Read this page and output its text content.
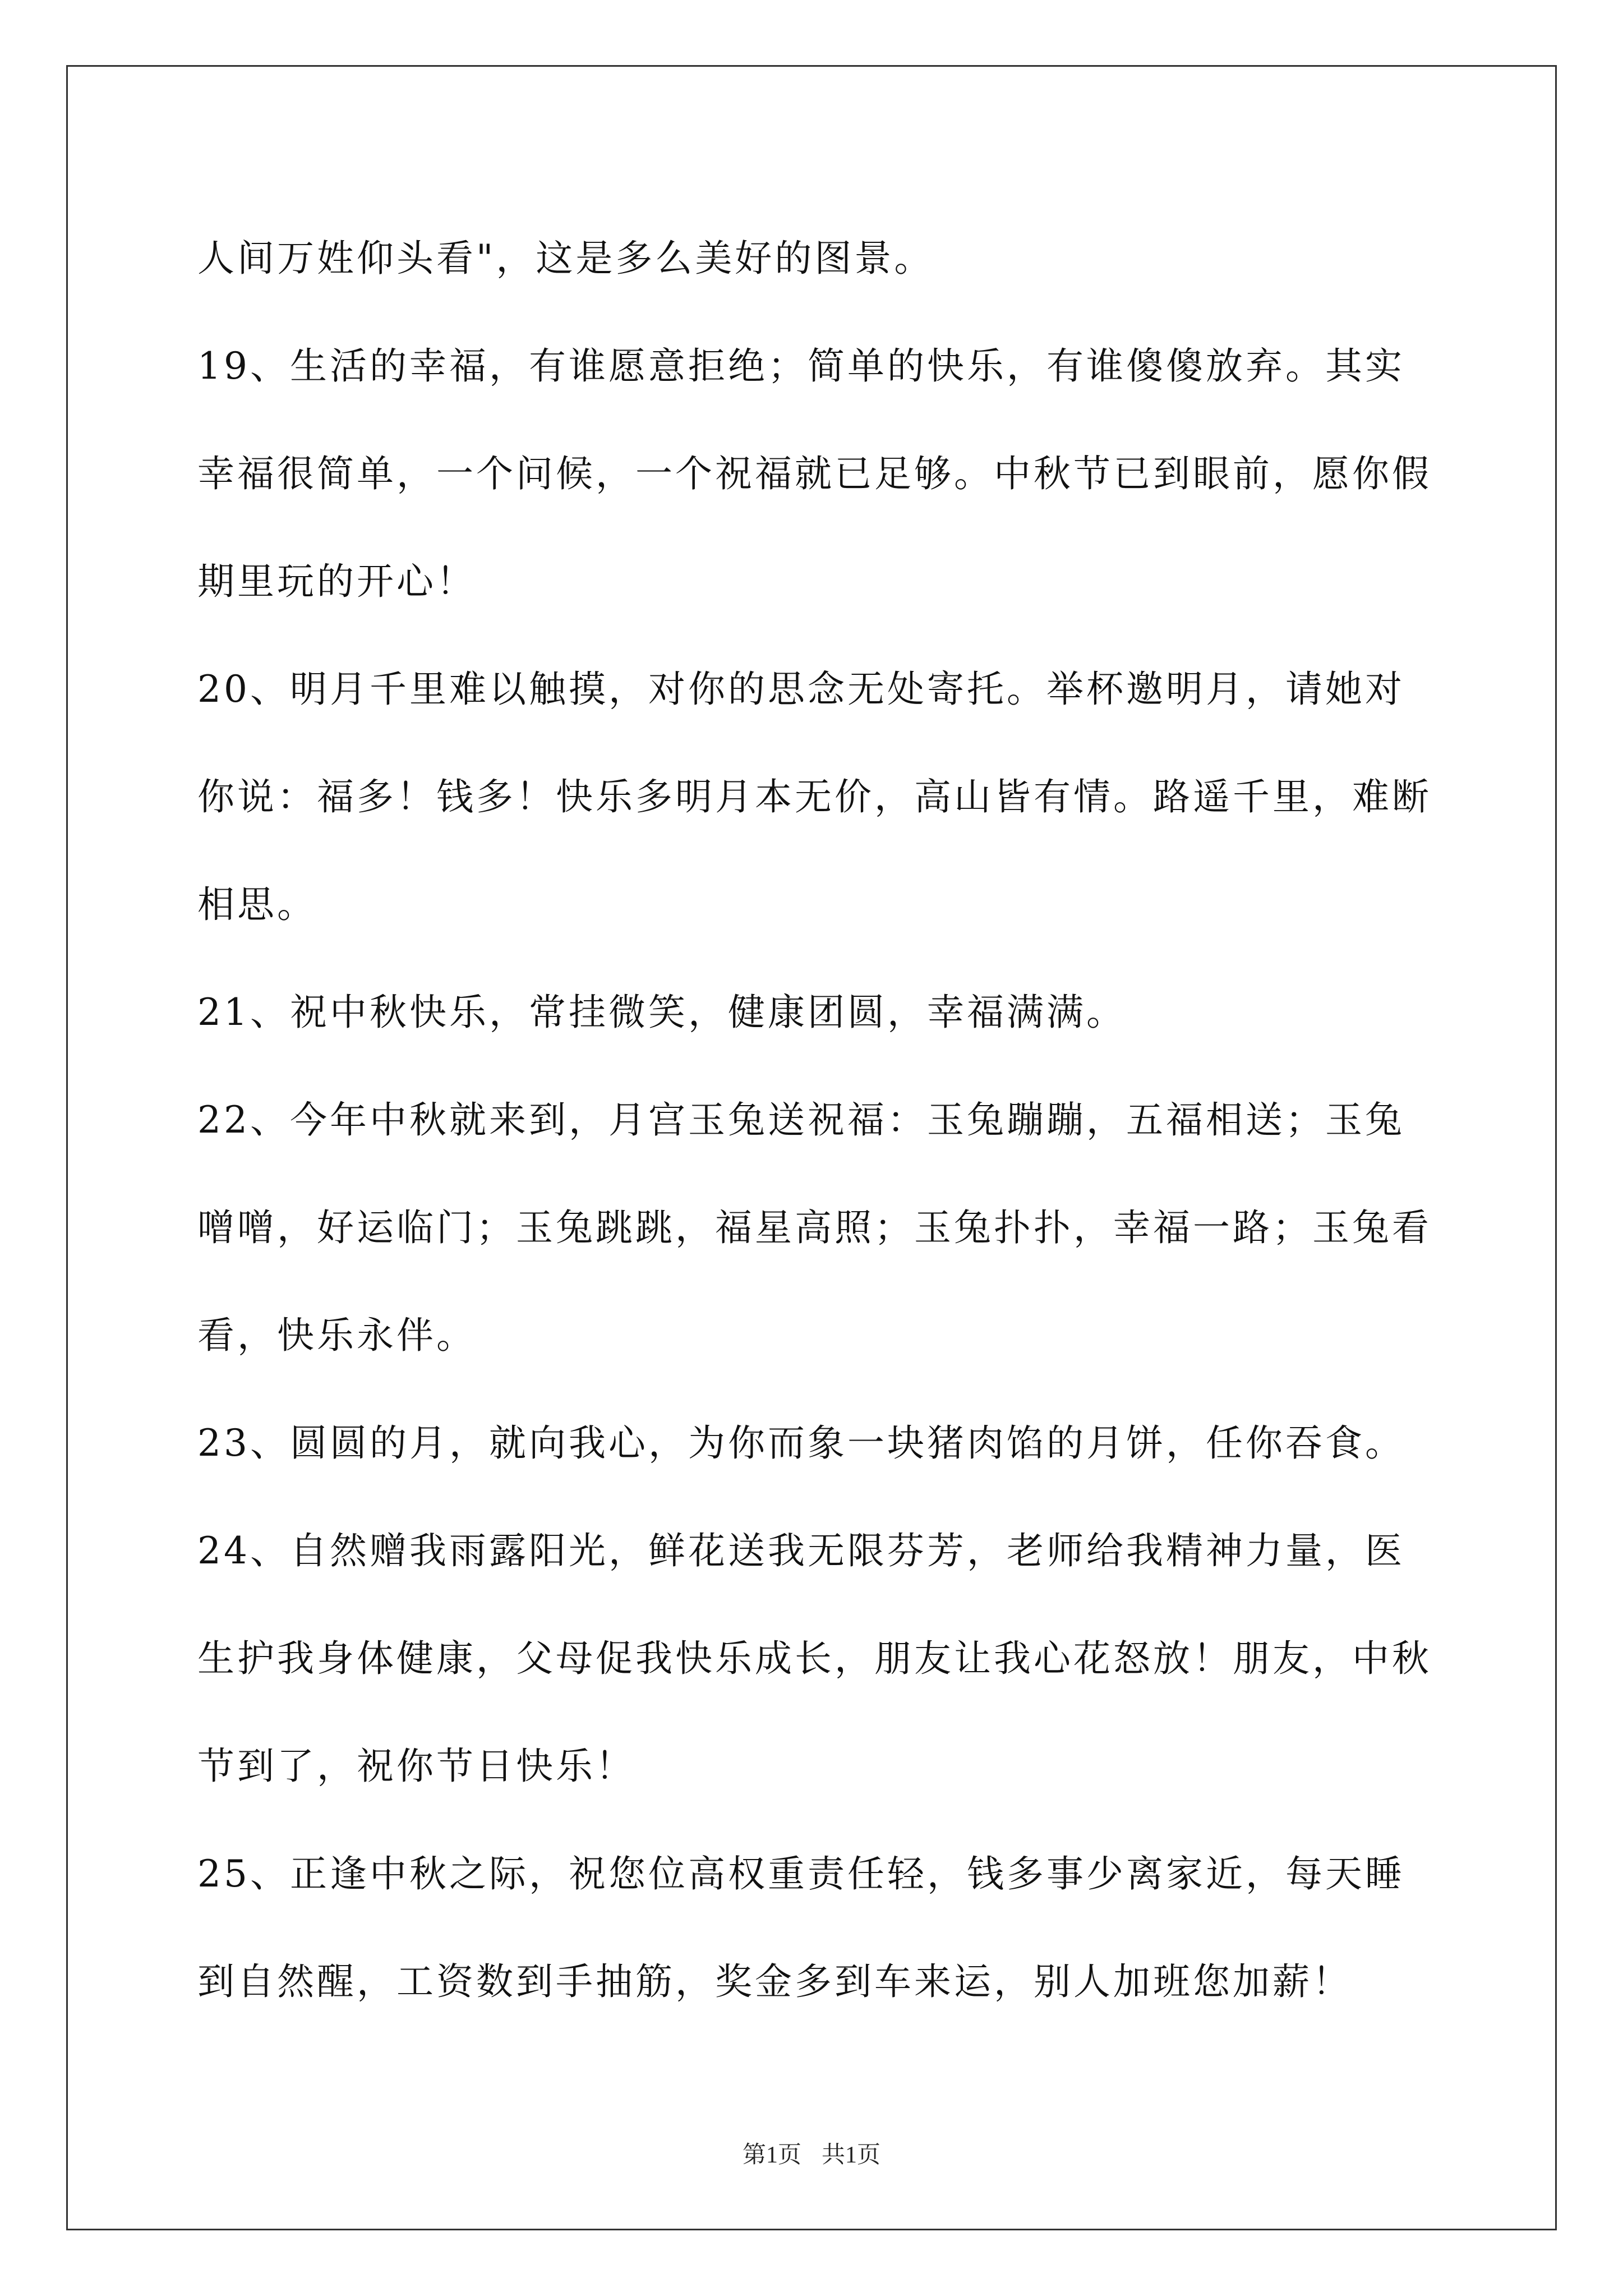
人间万姓仰头看"，这是多么美好的图景。

19、生活的幸福，有谁愿意拒绝；简单的快乐，有谁傻傻放弃。其实幸福很简单，一个问候，一个祝福就已足够。中秋节已到眼前，愿你假期里玩的开心！

20、明月千里难以触摸，对你的思念无处寄托。举杯邀明月，请她对你说：福多！钱多！快乐多明月本无价，高山皆有情。路遥千里，难断相思。

21、祝中秋快乐，常挂微笑，健康团圆，幸福满满。

22、今年中秋就来到，月宫玉兔送祝福：玉兔蹦蹦，五福相送；玉兔噌噌，好运临门；玉兔跳跳，福星高照；玉兔扑扑，幸福一路；玉兔看看，快乐永伴。

23、圆圆的月，就向我心，为你而象一块猪肉馅的月饼，任你吞食。

24、自然赠我雨露阳光，鲜花送我无限芬芳，老师给我精神力量，医生护我身体健康，父母促我快乐成长，朋友让我心花怒放！朋友，中秋节到了，祝你节日快乐！

25、正逢中秋之际，祝您位高权重责任轻，钱多事少离家近，每天睡到自然醒，工资数到手抽筋，奖金多到车来运，别人加班您加薪！

第1页 共1页
